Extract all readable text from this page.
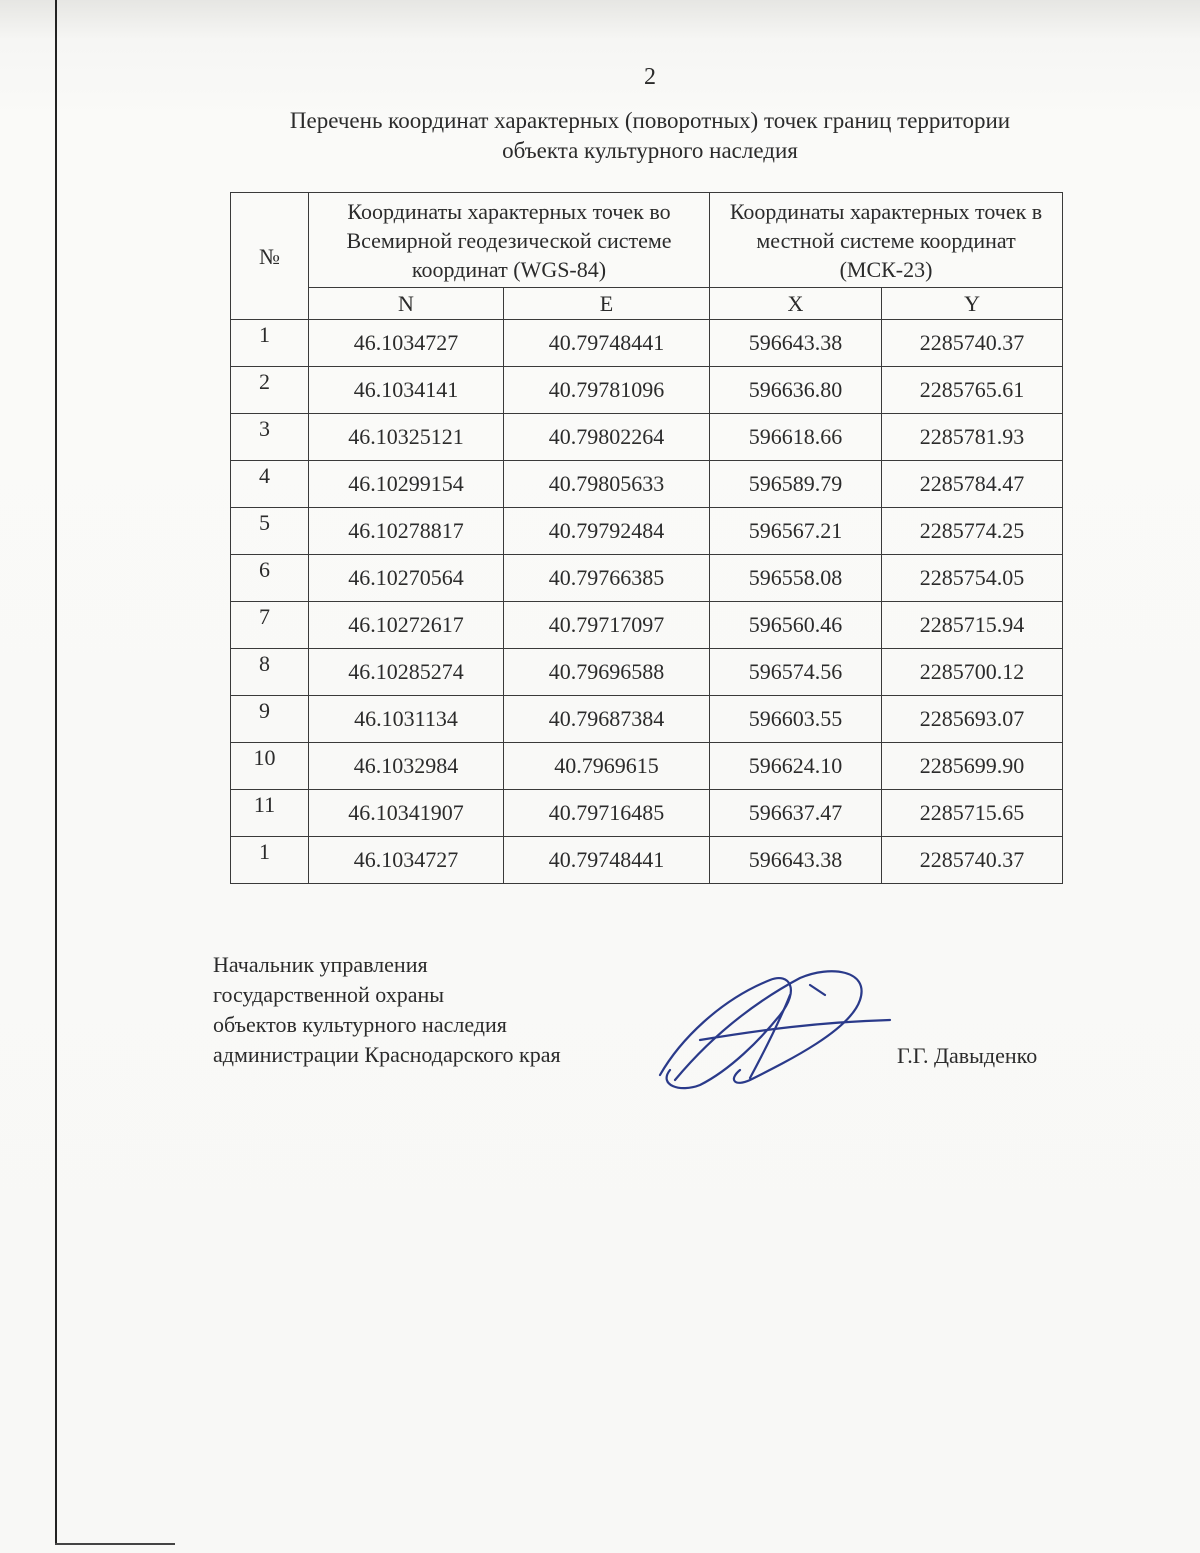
2
Перечень координат характерных (поворотных) точек границ территории
объекта культурного наследия
№	Координаты характерных точек во Всемирной геодезической системе координат (WGS-84)		Координаты характерных точек в местной системе координат (МСК-23)	
	N	E	X	Y
1	46.1034727	40.79748441	596643.38	2285740.37
2	46.1034141	40.79781096	596636.80	2285765.61
3	46.10325121	40.79802264	596618.66	2285781.93
4	46.10299154	40.79805633	596589.79	2285784.47
5	46.10278817	40.79792484	596567.21	2285774.25
6	46.10270564	40.79766385	596558.08	2285754.05
7	46.10272617	40.79717097	596560.46	2285715.94
8	46.10285274	40.79696588	596574.56	2285700.12
9	46.1031134	40.79687384	596603.55	2285693.07
10	46.1032984	40.7969615	596624.10	2285699.90
11	46.10341907	40.79716485	596637.47	2285715.65
1	46.1034727	40.79748441	596643.38	2285740.37
Начальник управления
государственной охраны
объектов культурного наследия
администрации Краснодарского края	Г.Г. Давыденко
